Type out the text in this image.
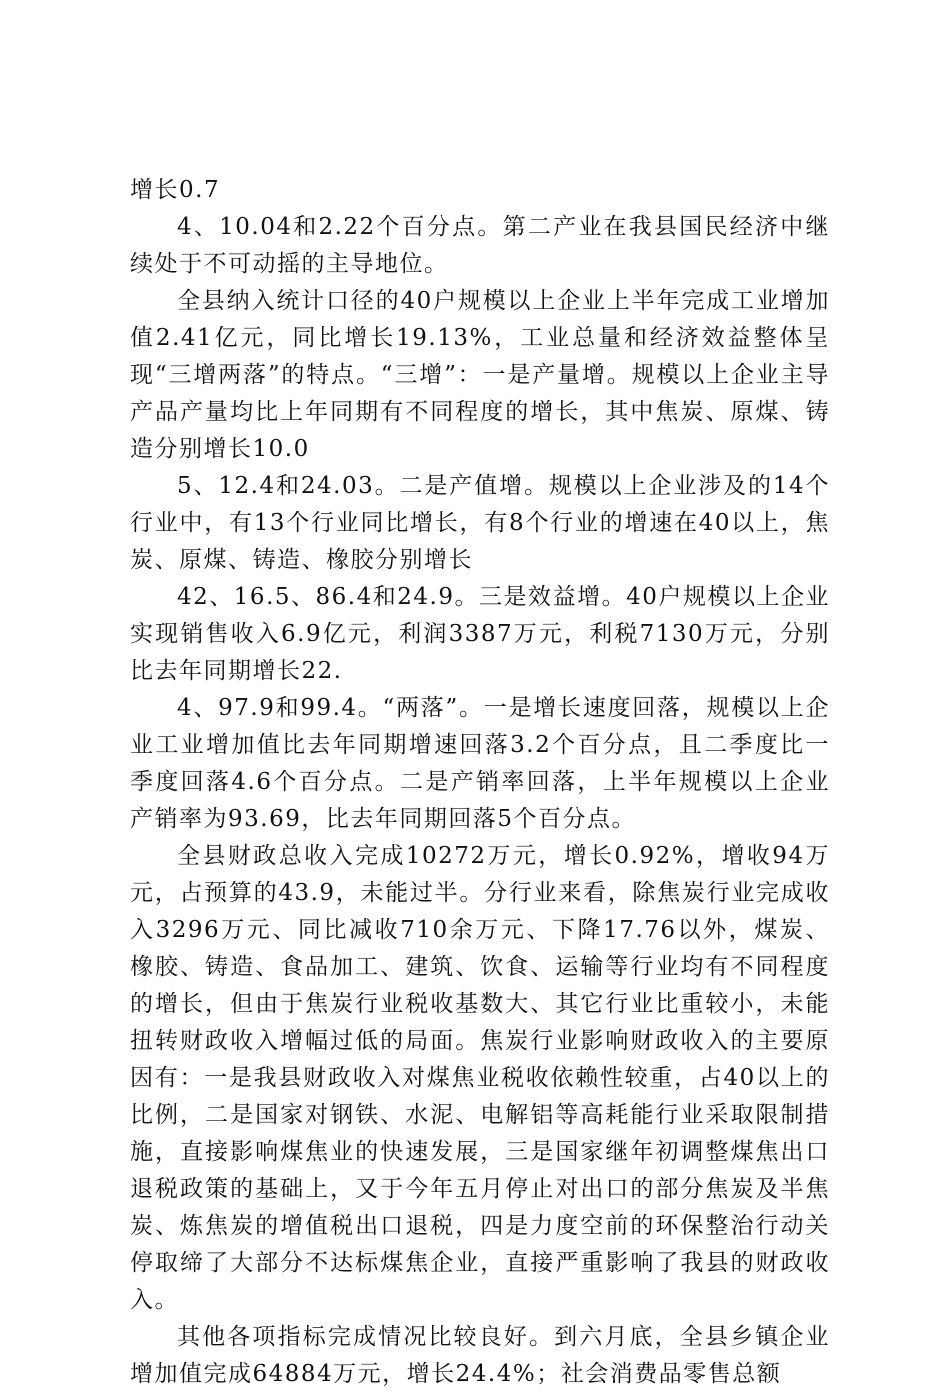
增长0.7

4、10.04和2.22个百分点。第二产业在我县国民经济中继续处于不可动摇的主导地位。

全县纳入统计口径的40户规模以上企业上半年完成工业增加值2.41亿元，同比增长19.13%，工业总量和经济效益整体呈现“三增两落”的特点。“三增”：一是产量增。规模以上企业主导产品产量均比上年同期有不同程度的增长，其中焦炭、原煤、铸造分别增长10.0

5、12.4和24.03。二是产值增。规模以上企业涉及的14个行业中，有13个行业同比增长，有8个行业的增速在40以上，焦炭、原煤、铸造、橡胶分别增长

42、16.5、86.4和24.9。三是效益增。40户规模以上企业实现销售收入6.9亿元，利润3387万元，利税7130万元，分别比去年同期增长22.

4、97.9和99.4。“两落”。一是增长速度回落，规模以上企业工业增加值比去年同期增速回落3.2个百分点，且二季度比一季度回落4.6个百分点。二是产销率回落，上半年规模以上企业产销率为93.69，比去年同期回落5个百分点。

全县财政总收入完成10272万元，增长0.92%，增收94万元，占预算的43.9，未能过半。分行业来看，除焦炭行业完成收入3296万元、同比减收710余万元、下降17.76以外，煤炭、橡胶、铸造、食品加工、建筑、饮食、运输等行业均有不同程度的增长，但由于焦炭行业税收基数大、其它行业比重较小，未能扭转财政收入增幅过低的局面。焦炭行业影响财政收入的主要原因有：一是我县财政收入对煤焦业税收依赖性较重，占40以上的比例，二是国家对钢铁、水泥、电解铝等高耗能行业采取限制措施，直接影响煤焦业的快速发展，三是国家继年初调整煤焦出口退税政策的基础上，又于今年五月停止对出口的部分焦炭及半焦炭、炼焦炭的增值税出口退税，四是力度空前的环保整治行动关停取缔了大部分不达标煤焦企业，直接严重影响了我县的财政收入。

其他各项指标完成情况比较良好。到六月底，全县乡镇企业增加值完成64884万元，增长24.4%；社会消费品零售总额
